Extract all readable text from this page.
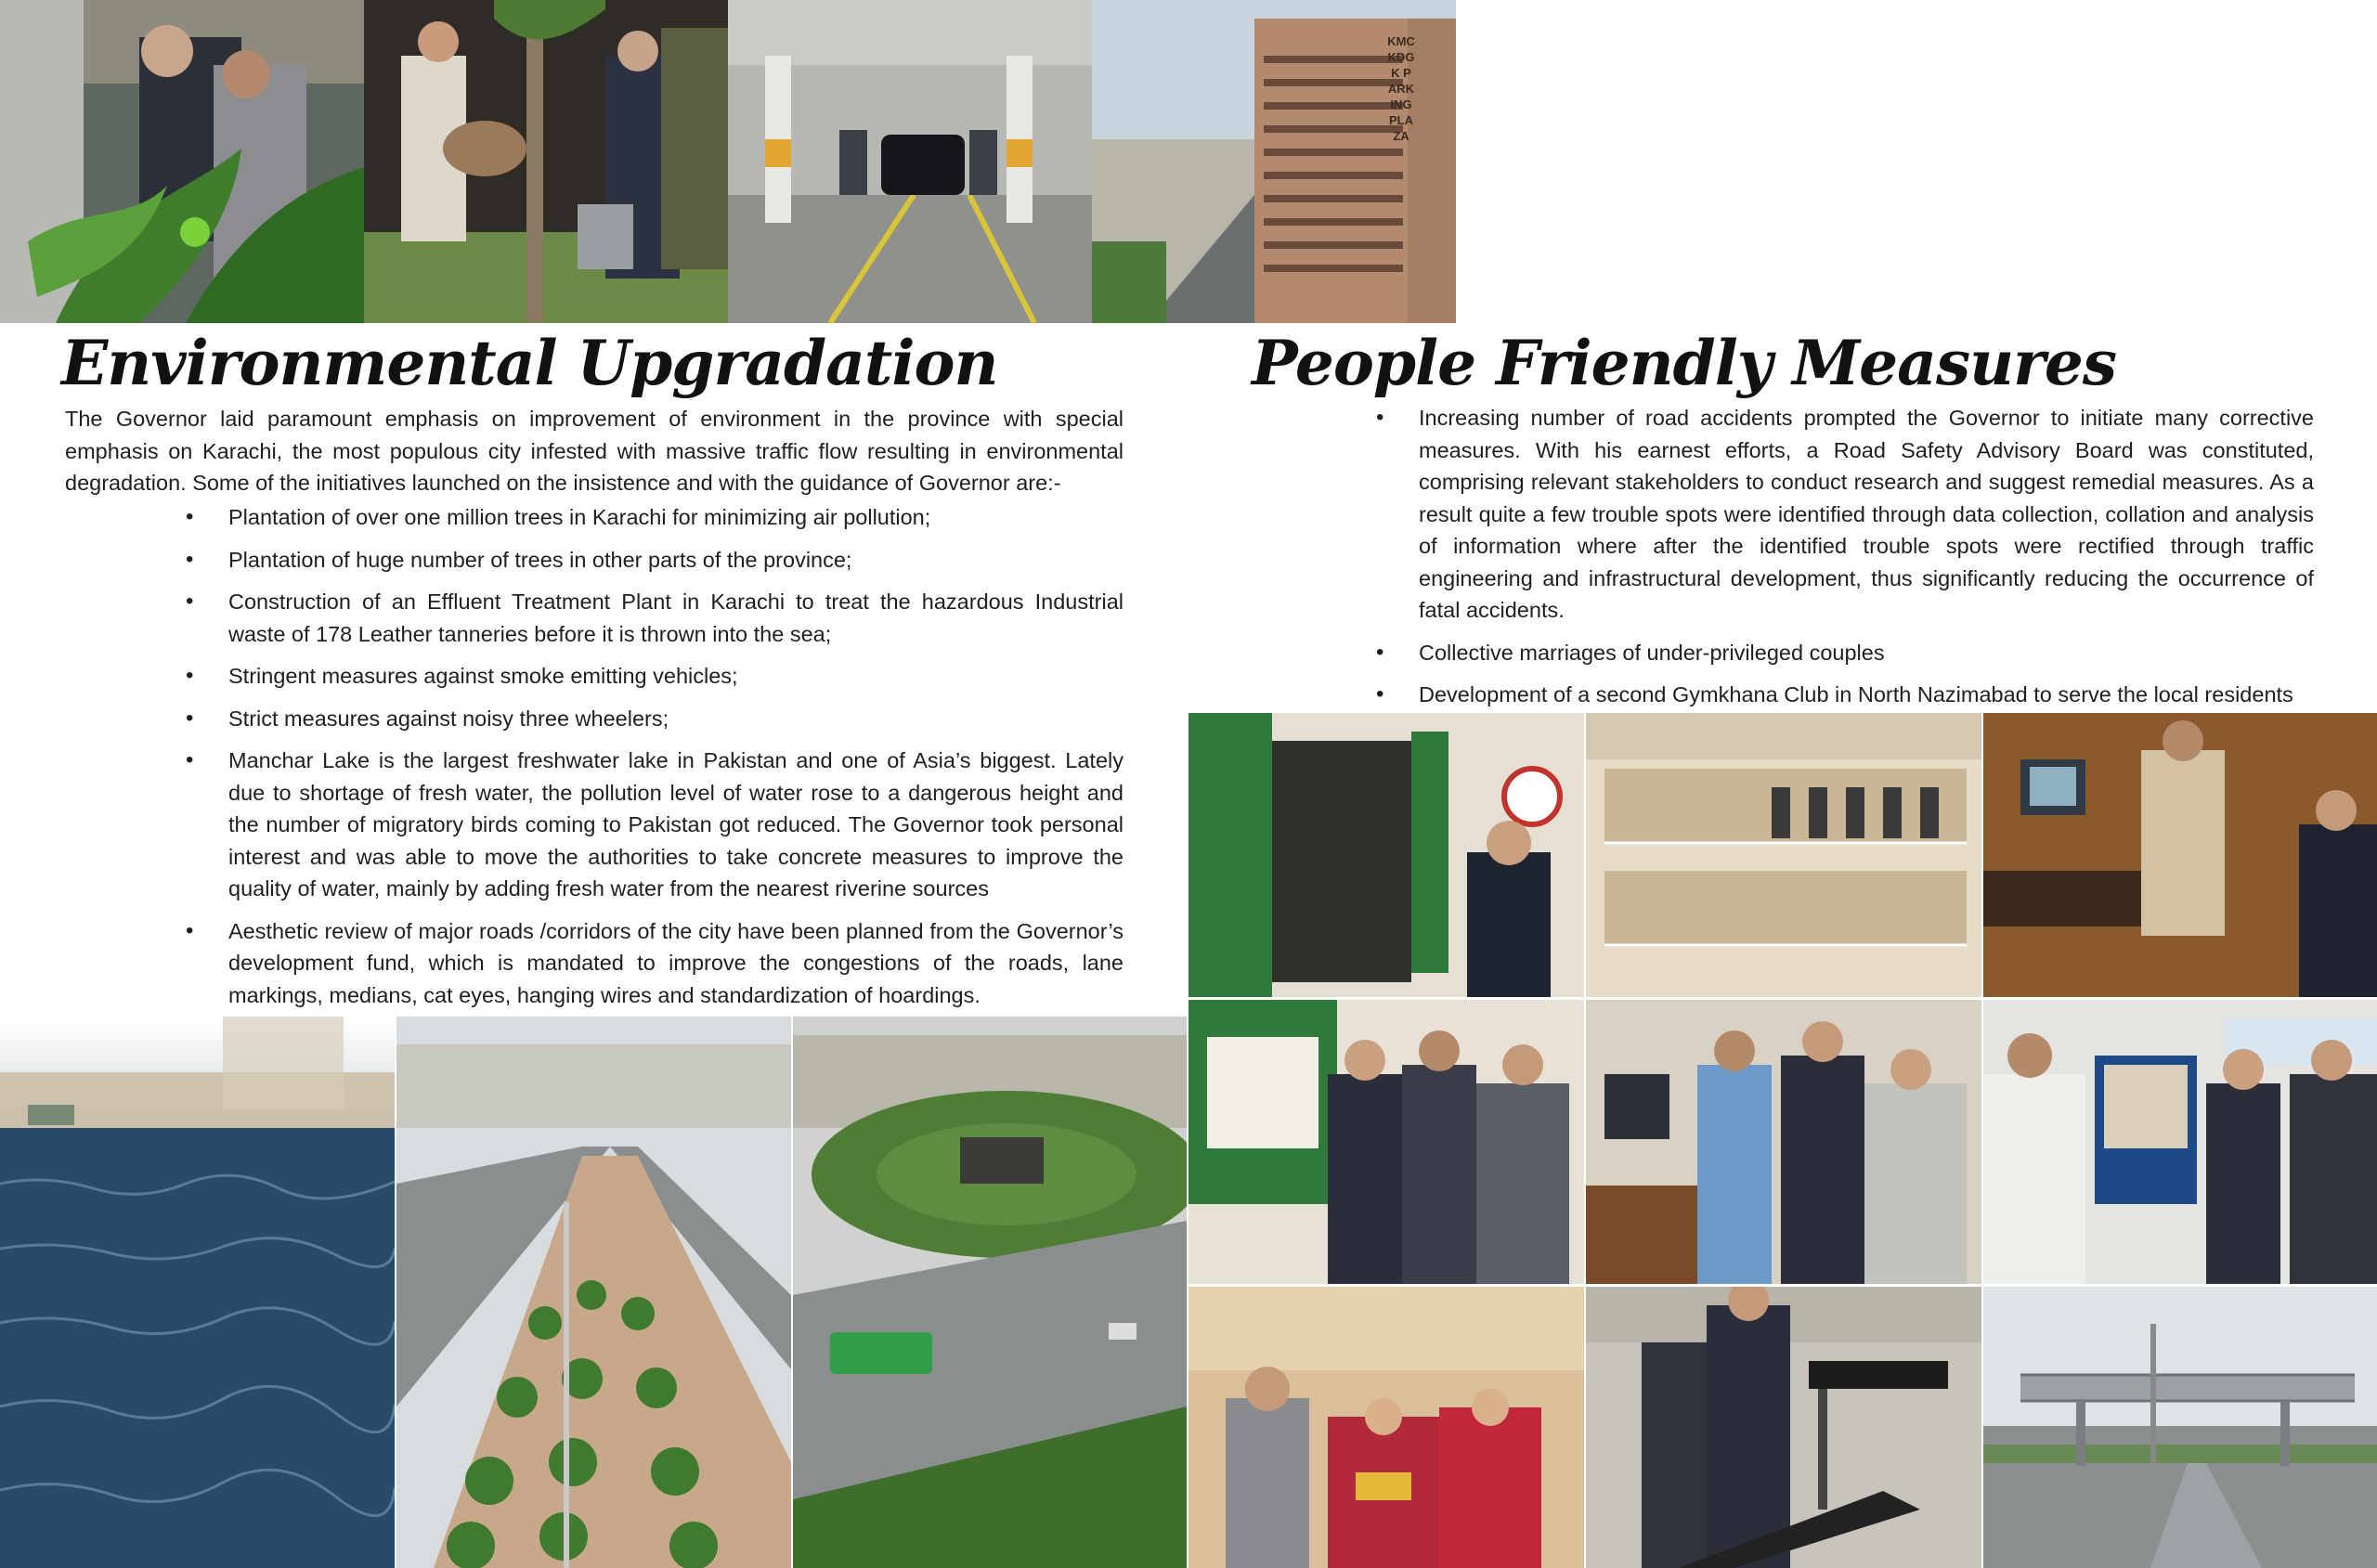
KMC KDGK PARKING PLAZA
Environmental Upgradation	People Friendly Measures

The Governor laid paramount emphasis on improvement of environment in the province with special emphasis on Karachi, the most populous city infested with massive traffic flow resulting in environmental degradation. Some of the initiatives launched on the insistence and with the guidance of Governor are:-

• Plantation of over one million trees in Karachi for minimizing air pollution;
• Plantation of huge number of trees in other parts of the province;
• Construction of an Effluent Treatment Plant in Karachi to treat the hazardous Industrial waste of 178 Leather tanneries before it is thrown into the sea;
• Stringent measures against smoke emitting vehicles;
• Strict measures against noisy three wheelers;
• Manchar Lake is the largest freshwater lake in Pakistan and one of Asia’s biggest. Lately due to shortage of fresh water, the pollution level of water rose to a dangerous height and the number of migratory birds coming to Pakistan got reduced. The Governor took personal interest and was able to move the authorities to take concrete measures to improve the quality of water, mainly by adding fresh water from the nearest riverine sources
• Aesthetic review of major roads /corridors of the city have been planned from the Governor’s development fund, which is mandated to improve the congestions of the roads, lane markings, medians, cat eyes, hanging wires and standardization of hoardings.
• Increasing number of road accidents prompted the Governor to initiate many corrective measures. With his earnest efforts, a Road Safety Advisory Board was constituted, comprising relevant stakeholders to conduct research and suggest remedial measures. As a result quite a few trouble spots were identified through data collection, collation and analysis of information where after the identified trouble spots were rectified through traffic engineering and infrastructural development, thus significantly reducing the occurrence of fatal accidents.
• Collective marriages of under-privileged couples
• Development of a second Gymkhana Club in North Nazimabad to serve the local residents
